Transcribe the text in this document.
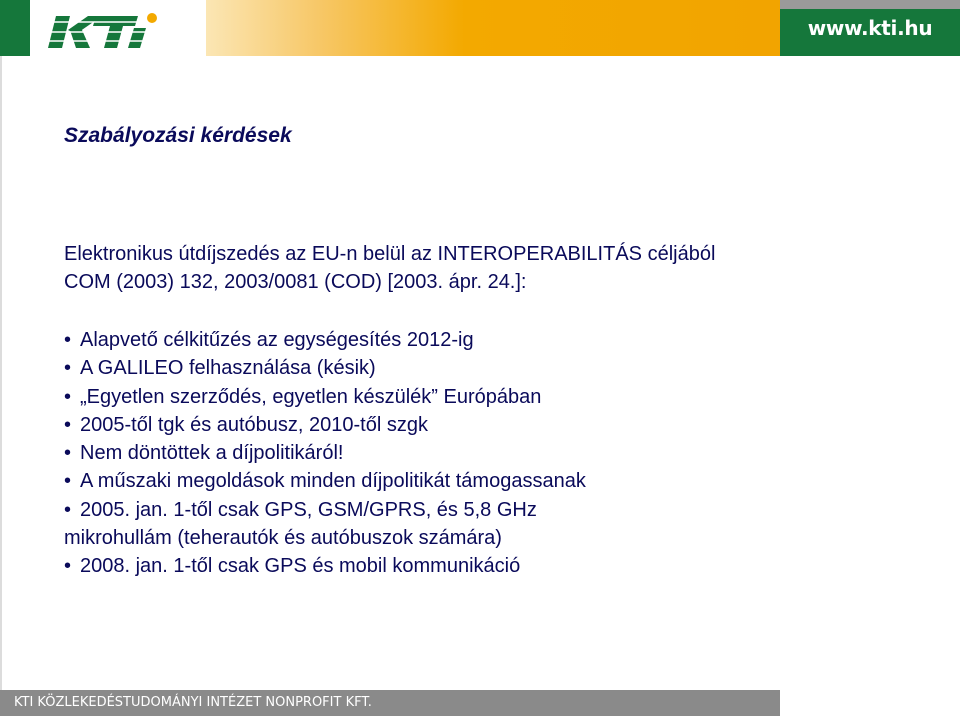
www.kti.hu
Szabályozási kérdések
Elektronikus útdíjszedés az EU-n belül az INTEROPERABILITÁS céljából
COM (2003) 132, 2003/0081 (COD) [2003. ápr. 24.]:
• Alapvető célkitűzés az egységesítés 2012-ig
• A GALILEO felhasználása (késik)
• „Egyetlen szerződés, egyetlen készülék” Európában
• 2005-től tgk és autóbusz, 2010-től szgk
• Nem döntöttek a díjpolitikáról!
• A műszaki megoldások minden díjpolitikát támogassanak
• 2005. jan. 1-től csak GPS, GSM/GPRS, és 5,8 GHz
mikrohullám (teherautók és autóbuszok számára)
• 2008. jan. 1-től csak GPS és mobil kommunikáció
KTI KÖZLEKEDÉSTUDOMÁNYI INTÉZET NONPROFIT KFT.
